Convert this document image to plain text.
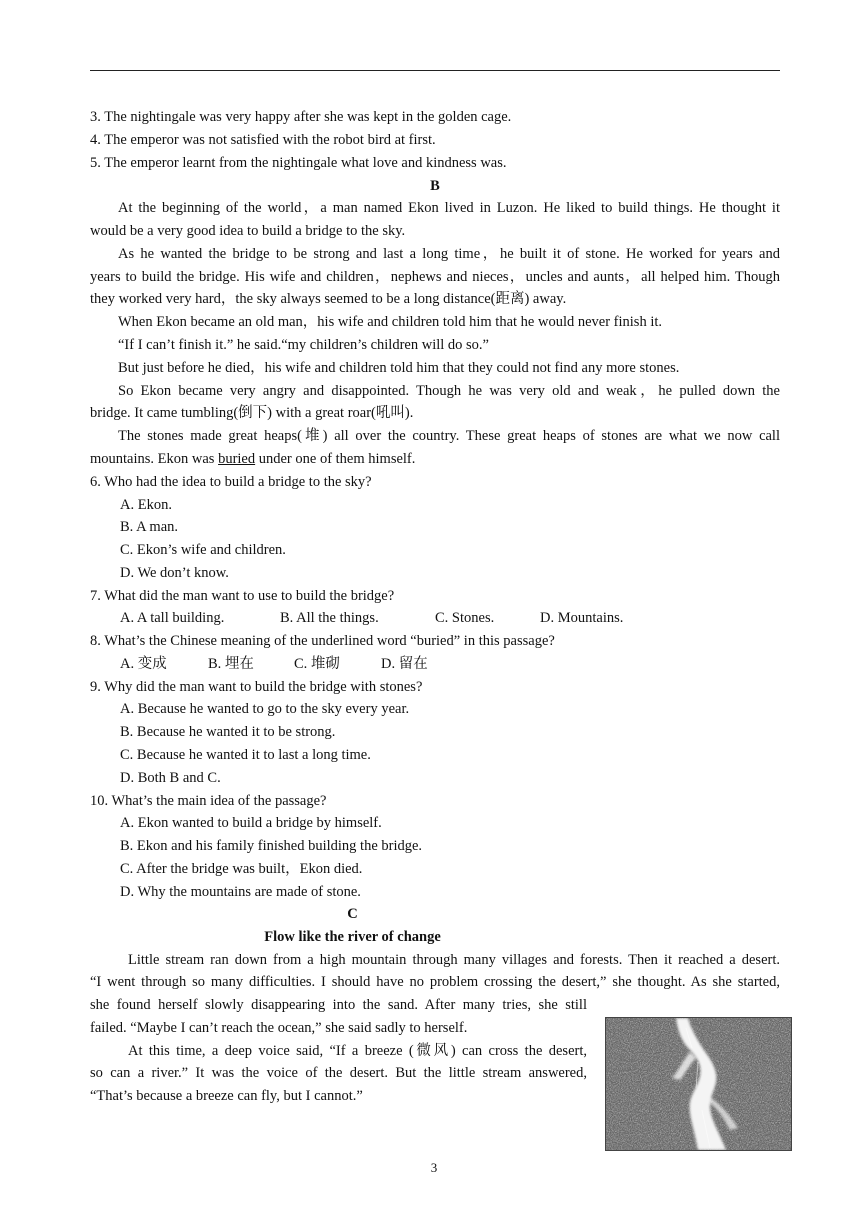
3. The nightingale was very happy after she was kept in the golden cage.
4. The emperor was not satisfied with the robot bird at first.
5. The emperor learnt from the nightingale what love and kindness was.
B
At the beginning of the world，a man named Ekon lived in Luzon. He liked to build things. He thought it
would be a very good idea to build a bridge to the sky.
As he wanted the bridge to be strong and last a long time，he built it of stone. He worked for years and
years to build the bridge. His wife and children，nephews and nieces，uncles and aunts，all helped him. Though
they worked very hard，the sky always seemed to be a long distance(距离) away.
When Ekon became an old man，his wife and children told him that he would never finish it.
“If I can’t finish it.” he said.“my children’s children will do so.”
But just before he died，his wife and children told him that they could not find any more stones.
So Ekon became very angry and disappointed. Though he was very old and weak，he pulled down the
bridge. It came tumbling(倒下) with a great roar(吼叫).
The stones made great heaps(堆) all over the country. These great heaps of stones are what we now call
mountains. Ekon was buried under one of them himself.
6. Who had the idea to build a bridge to the sky?
A. Ekon.
B. A man.
C. Ekon’s wife and children.
D. We don’t know.
7. What did the man want to use to build the bridge?
A. A tall building.	B. All the things.	C. Stones.	D. Mountains.
8. What’s the Chinese meaning of the underlined word “buried” in this passage?
A. 变成	B. 埋在	C. 堆砌	D. 留在
9. Why did the man want to build the bridge with stones?
A. Because he wanted to go to the sky every year.
B. Because he wanted it to be strong.
C. Because he wanted it to last a long time.
D. Both B and C.
10. What’s the main idea of the passage?
A. Ekon wanted to build a bridge by himself.
B. Ekon and his family finished building the bridge.
C. After the bridge was built，Ekon died.
D. Why the mountains are made of stone.
C
Flow like the river of change
Little stream ran down from a high mountain through many villages and forests. Then it reached a desert.
“I went through so many difficulties. I should have no problem crossing the desert,” she thought. As she started,
she found herself slowly disappearing into the sand. After many tries, she still
failed. “Maybe I can’t reach the ocean,” she said sadly to herself.
At this time, a deep voice said, “If a breeze (微风) can cross the desert,
so can a river.” It was the voice of the desert. But the little stream answered,
“That’s because a breeze can fly, but I cannot.”
3
